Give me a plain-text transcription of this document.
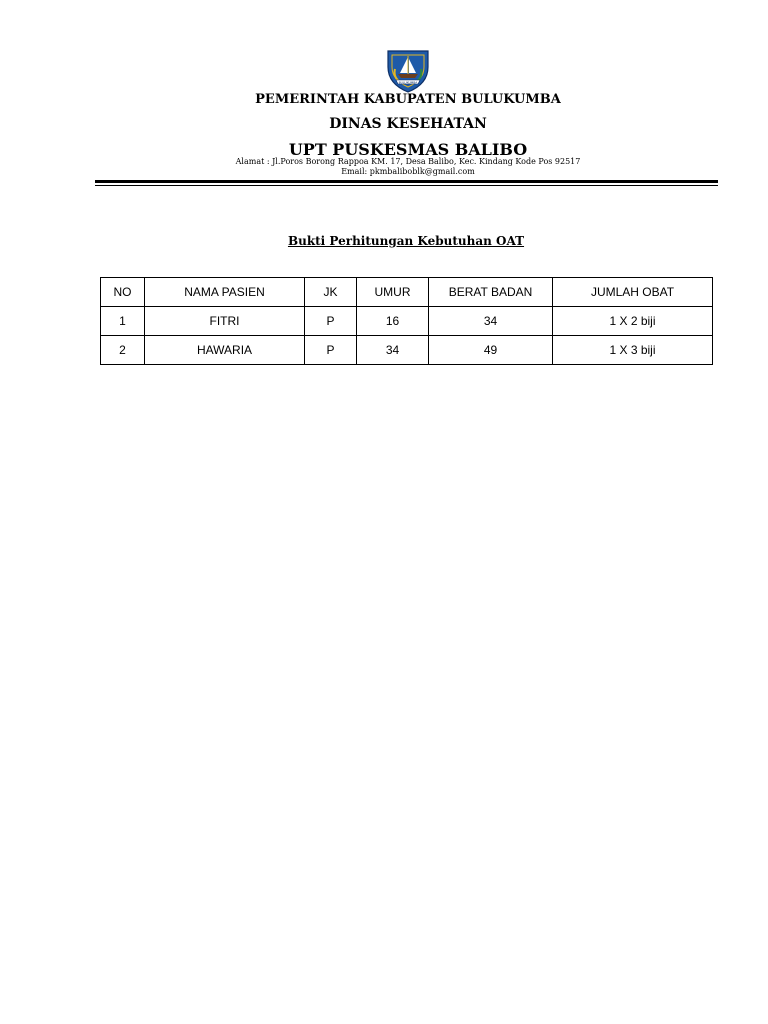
BULUKUMBA
PEMERINTAH KABUPATEN BULUKUMBA
DINAS KESEHATAN
UPT PUSKESMAS BALIBO
Alamat : Jl.Poros Borong Rappoa KM. 17, Desa Balibo, Kec. Kindang Kode Pos 92517
Email: pkmbaliboblk@gmail.com
Bukti Perhitungan Kebutuhan OAT
NO	NAMA PASIEN	JK	UMUR	BERAT BADAN	JUMLAH OBAT
1	FITRI	P	16	34	1 X 2 biji
2	HAWARIA	P	34	49	1 X 3 biji
